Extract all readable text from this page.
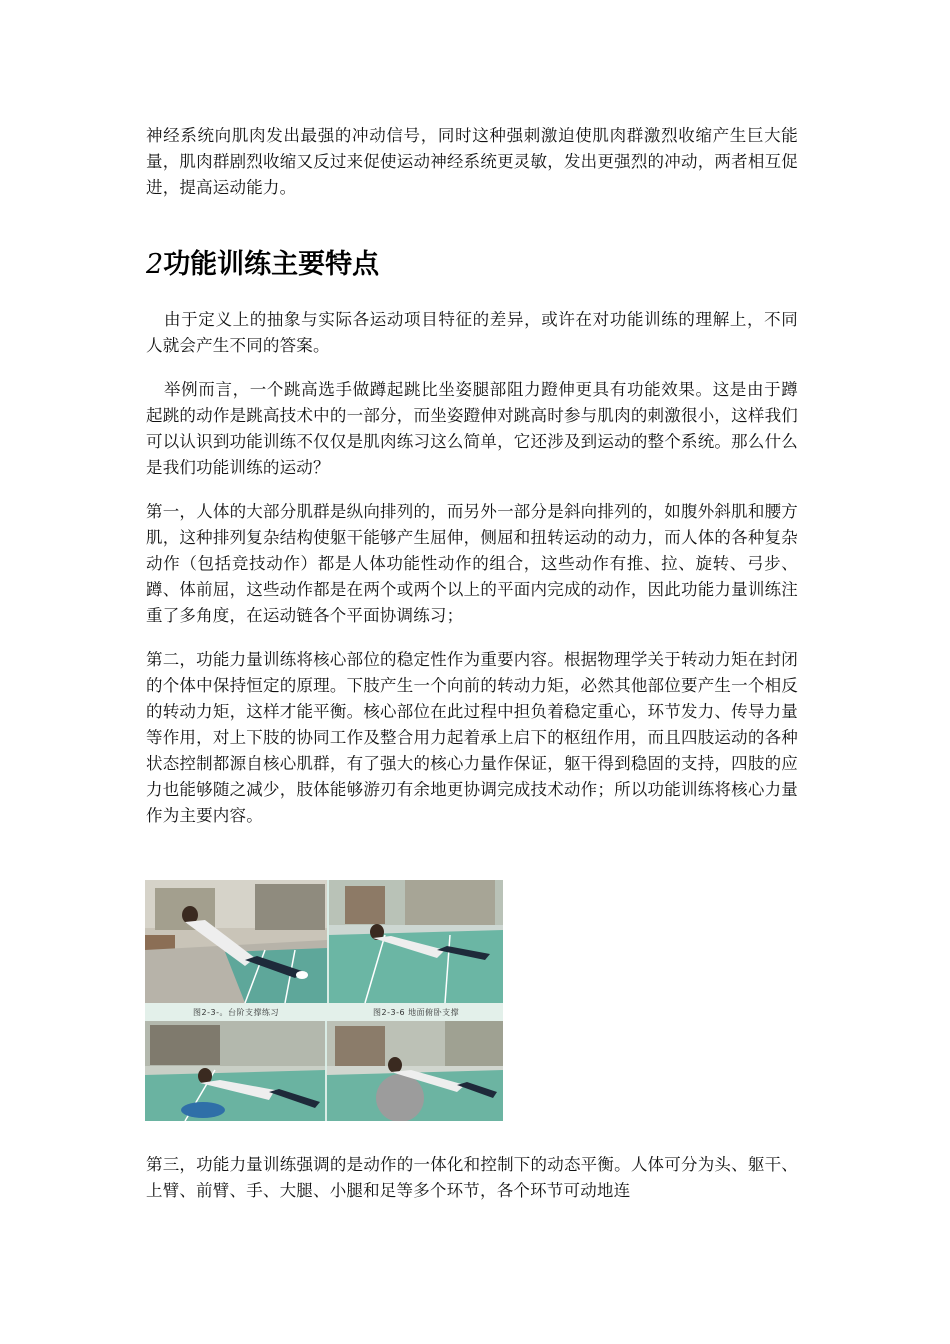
神经系统向肌肉发出最强的冲动信号，同时这种强刺激迫使肌肉群激烈收缩产生巨大能量，肌肉群剧烈收缩又反过来促使运动神经系统更灵敏，发出更强烈的冲动，两者相互促进，提高运动能力。

2功能训练主要特点

由于定义上的抽象与实际各运动项目特征的差异，或许在对功能训练的理解上，不同人就会产生不同的答案。

举例而言，一个跳高选手做蹲起跳比坐姿腿部阻力蹬伸更具有功能效果。这是由于蹲起跳的动作是跳高技术中的一部分，而坐姿蹬伸对跳高时参与肌肉的刺激很小，这样我们可以认识到功能训练不仅仅是肌肉练习这么简单，它还涉及到运动的整个系统。那么什么是我们功能训练的运动？

第一，人体的大部分肌群是纵向排列的，而另外一部分是斜向排列的，如腹外斜肌和腰方肌，这种排列复杂结构使躯干能够产生屈伸，侧屈和扭转运动的动力，而人体的各种复杂动作（包括竞技动作）都是人体功能性动作的组合，这些动作有推、拉、旋转、弓步、蹲、体前屈，这些动作都是在两个或两个以上的平面内完成的动作，因此功能力量训练注重了多角度，在运动链各个平面协调练习；

第二，功能力量训练将核心部位的稳定性作为重要内容。根据物理学关于转动力矩在封闭的个体中保持恒定的原理。下肢产生一个向前的转动力矩，必然其他部位要产生一个相反的转动力矩，这样才能平衡。核心部位在此过程中担负着稳定重心，环节发力、传导力量等作用，对上下肢的协同工作及整合用力起着承上启下的枢纽作用，而且四肢运动的各种状态控制都源自核心肌群，有了强大的核心力量作保证，躯干得到稳固的支持，四肢的应力也能够随之减少，肢体能够游刃有余地更协调完成技术动作；所以功能训练将核心力量作为主要内容。

图2-3-。台阶支撑练习	图2-3-6 地面俯卧支撑

第三，功能力量训练强调的是动作的一体化和控制下的动态平衡。人体可分为头、躯干、上臂、前臂、手、大腿、小腿和足等多个环节，各个环节可动地连
